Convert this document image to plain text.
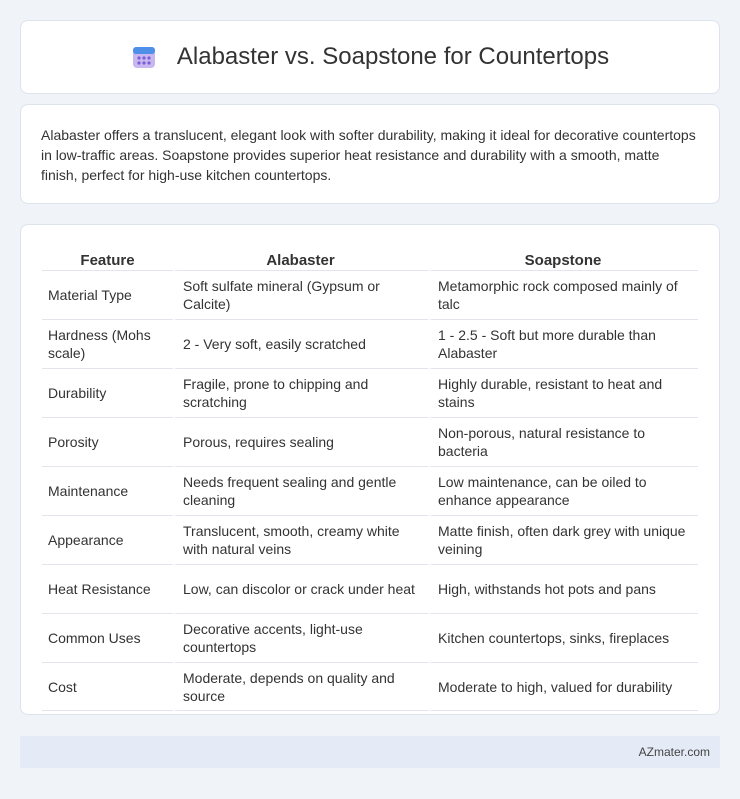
Alabaster vs. Soapstone for Countertops

Alabaster offers a translucent, elegant look with softer durability, making it ideal for decorative countertops in low-traffic areas. Soapstone provides superior heat resistance and durability with a smooth, matte finish, perfect for high-use kitchen countertops.

Feature	Alabaster	Soapstone
Material Type	Soft sulfate mineral (Gypsum or Calcite)	Metamorphic rock composed mainly of talc
Hardness (Mohs scale)	2 - Very soft, easily scratched	1 - 2.5 - Soft but more durable than Alabaster
Durability	Fragile, prone to chipping and scratching	Highly durable, resistant to heat and stains
Porosity	Porous, requires sealing	Non-porous, natural resistance to bacteria
Maintenance	Needs frequent sealing and gentle cleaning	Low maintenance, can be oiled to enhance appearance
Appearance	Translucent, smooth, creamy white with natural veins	Matte finish, often dark grey with unique veining
Heat Resistance	Low, can discolor or crack under heat	High, withstands hot pots and pans
Common Uses	Decorative accents, light-use countertops	Kitchen countertops, sinks, fireplaces
Cost	Moderate, depends on quality and source	Moderate to high, valued for durability
AZmater.com
